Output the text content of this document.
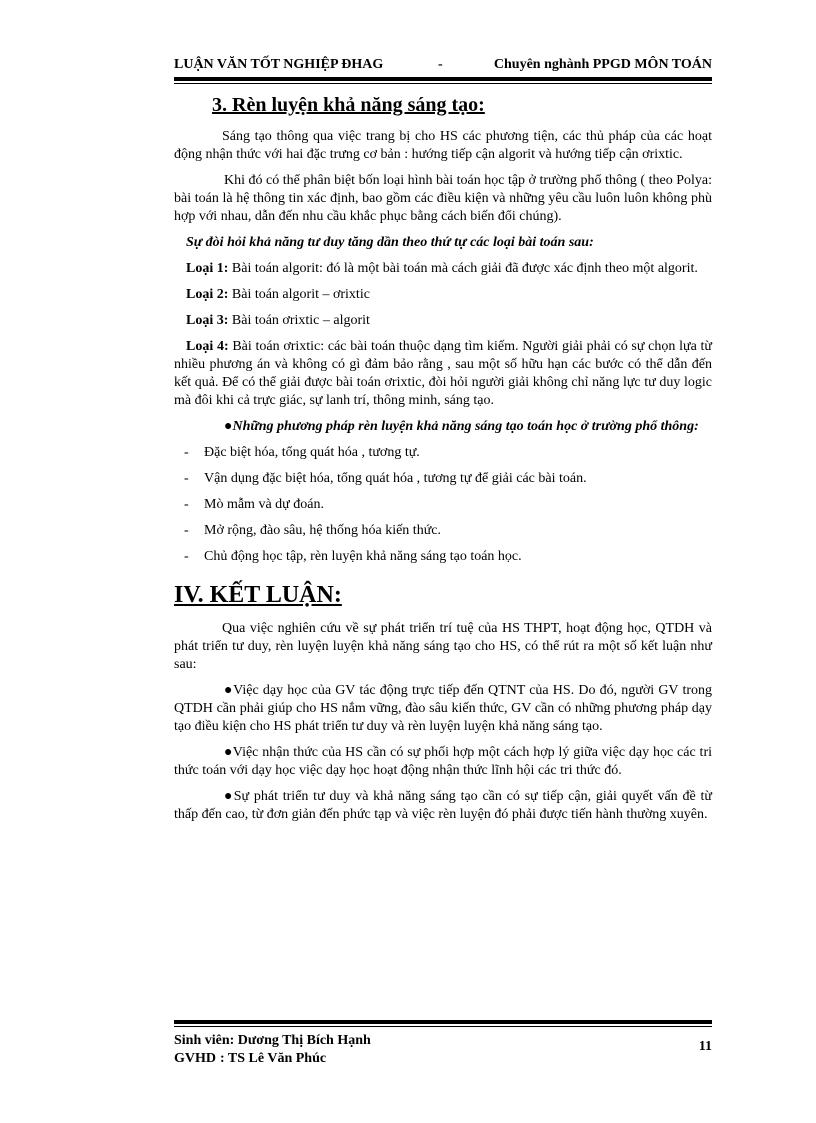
LUẬN VĂN TỐT NGHIỆP ĐHAG	-	Chuyên nghành PPGD MÔN TOÁN

3. Rèn luyện khả năng sáng tạo:

Sáng tạo thông qua việc trang bị cho HS các phương tiện, các thủ pháp của các hoạt động nhận thức với hai đặc trưng cơ bản : hướng tiếp cận algorit và hướng tiếp cận ơrixtic.

Khi đó có thể phân biệt bốn loại hình bài toán học tập ở trường phổ thông ( theo Polya: bài toán là hệ thông tin xác định, bao gồm các điều kiện và những yêu cầu luôn luôn không phù hợp với nhau, dẫn đến nhu cầu khắc phục bằng cách biến đổi chúng).

Sự đòi hỏi khả năng tư duy tăng dần theo thứ tự các loại bài toán sau:

Loại 1: Bài toán algorit: đó là một bài toán mà cách giải đã được xác định theo một algorit.

Loại 2: Bài toán algorit – ơrixtic

Loại 3: Bài toán ơrixtic – algorit

Loại 4: Bài toán ơrixtic: các bài toán thuộc dạng tìm kiếm. Người giải phải có sự chọn lựa từ nhiều phương án và không có gì đảm bảo rằng , sau một số hữu hạn các bước có thể dẫn đến kết quả. Để có thể giải được bài toán ơrixtic, đòi hỏi người giải không chỉ năng lực tư duy logic mà đôi khi cả trực giác, sự lanh trí, thông minh, sáng tạo.

●Những phương pháp rèn luyện khả năng sáng tạo toán học ở trường phổ thông:

- Đặc biệt hóa, tổng quát hóa , tương tự.
- Vận dụng đặc biệt hóa, tổng quát hóa , tương tự để giải các bài toán.
- Mò mẫm và dự đoán.
- Mở rộng, đào sâu, hệ thống hóa kiến thức.
- Chủ động học tập, rèn luyện khả năng sáng tạo toán học.

IV. KẾT LUẬN:

Qua việc nghiên cứu về sự phát triển trí tuệ của HS THPT, hoạt động học, QTDH và phát triển tư duy, rèn luyện luyện khả năng sáng tạo cho HS, có thể rút ra một số kết luận như sau:

●Việc dạy học của GV tác động trực tiếp đến QTNT của HS. Do đó, người GV trong QTDH cần phải giúp cho HS nắm vững, đào sâu kiến thức, GV cần có những phương pháp dạy tạo điều kiện cho HS phát triển tư duy và rèn luyện luyện khả năng sáng tạo.

●Việc nhận thức của HS cần có sự phối hợp một cách hợp lý giữa việc dạy học các tri thức toán với dạy học việc dạy học hoạt động nhận thức lĩnh hội các tri thức đó.

●Sự phát triển tư duy và khả năng sáng tạo cần có sự tiếp cận, giải quyết vấn đề từ thấp đến cao, từ đơn giản đến phức tạp và việc rèn luyện đó phải được tiến hành thường xuyên.

Sinh viên: Dương Thị Bích Hạnh
GVHD : TS Lê Văn Phúc
11
